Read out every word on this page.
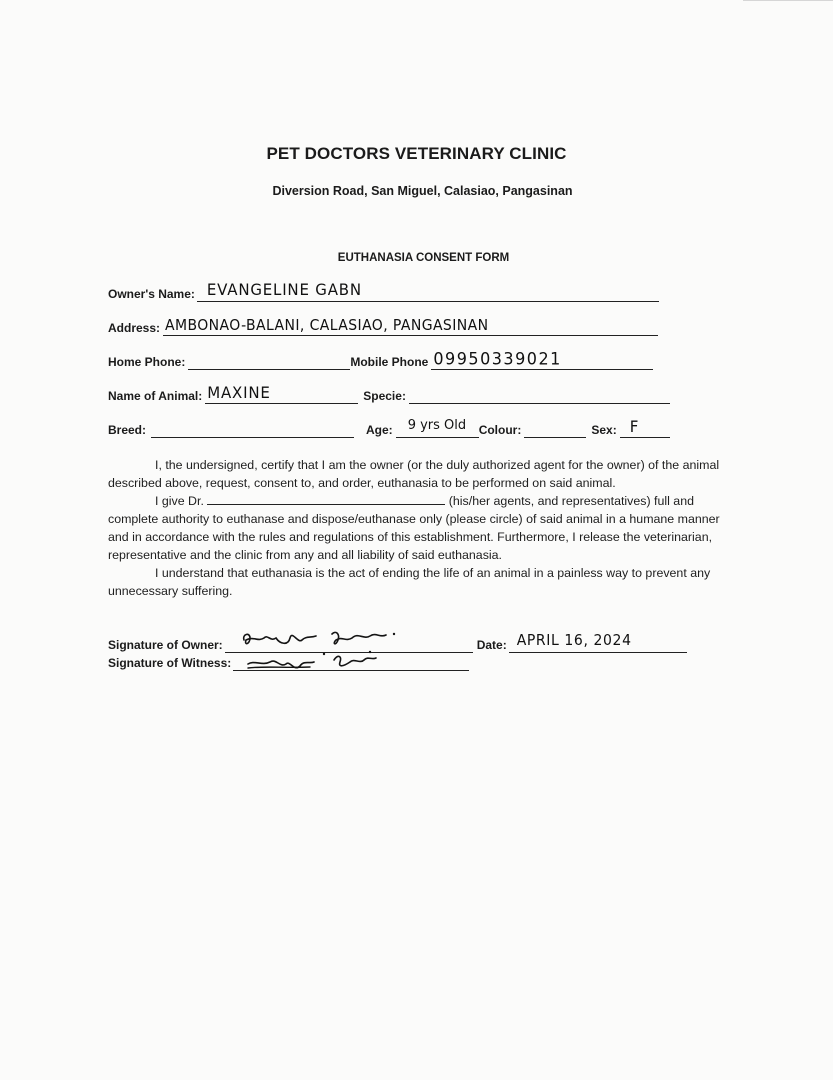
PET DOCTORS VETERINARY CLINIC
Diversion Road, San Miguel, Calasiao, Pangasinan
EUTHANASIA CONSENT FORM
Owner's Name: EVANGELINE GABN
Address: AMBONAO-BALANI, CALASIAO, PANGASINAN
Home Phone:	Mobile Phone 09950339021
Name of Animal: MAXINE	Specie:
Breed:	Age: 9 yrs Old Colour:	Sex: F

I, the undersigned, certify that I am the owner (or the duly authorized agent for the owner) of the animal described above, request, consent to, and order, euthanasia to be performed on said animal.

I give Dr.	(his/her agents, and representatives) full and complete authority to euthanase and dispose/euthanase only (please circle) of said animal in a humane manner and in accordance with the rules and regulations of this establishment. Furthermore, I release the veterinarian, representative and the clinic from any and all liability of said euthanasia.

I understand that euthanasia is the act of ending the life of an animal in a painless way to prevent any unnecessary suffering.

Signature of Owner:	Date: APRIL 16, 2024
Signature of Witness:
